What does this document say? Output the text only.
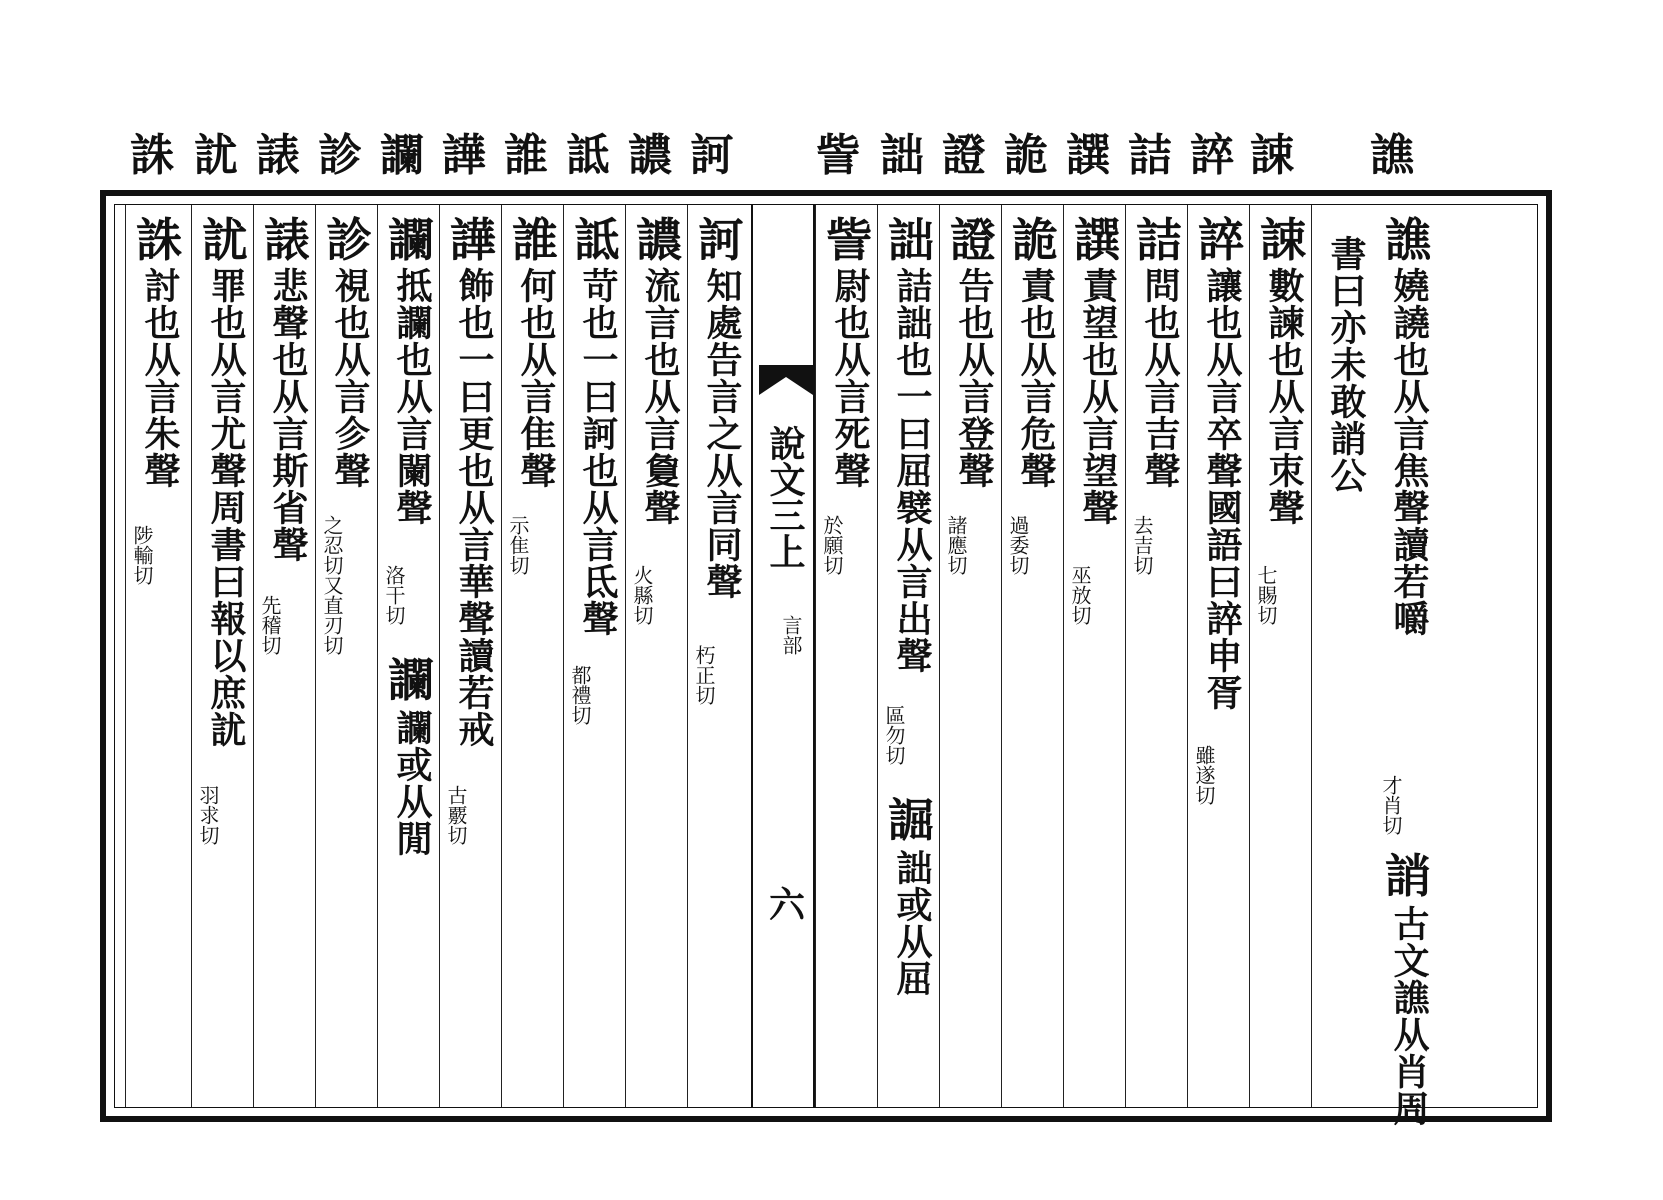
譙
誎
誶
詰
譔
詭
證
詘
訾
訶
譨
詆
誰
譁
讕
診
諘
訧
誅
譙
嬈譊也从言焦聲讀若嚼
才肖切
誚
古文譙从肖周
書曰亦未敢誚公
誎
數諫也从言朿聲
七賜切
誶
讓也从言卒聲國語曰誶申胥
雖遂切
詰
問也从言吉聲
去吉切
譔
責望也从言望聲
巫放切
詭
責也从言危聲
過委切
證
告也从言登聲
諸應切
詘
詰詘也一曰屈襞从言出聲
區勿切
誳
詘或从屈
訾
尉也从言死聲
於願切
說文三上
言部
六
訶
知處告言之从言同聲
朽正切
譨
流言也从言敻聲
火縣切
詆
苛也一曰訶也从言氐聲
都禮切
誰
何也从言隹聲
示隹切
譁
飾也一曰更也从言華聲讀若戒
古覈切
讕
抵讕也从言闌聲
洛干切
讕
讕或从閒
診
視也从言㐱聲
之忍切又直刃切
諘
悲聲也从言斯省聲
先稽切
訧
罪也从言尤聲周書曰報以庶訧
羽求切
誅
討也从言朱聲
陟輸切
